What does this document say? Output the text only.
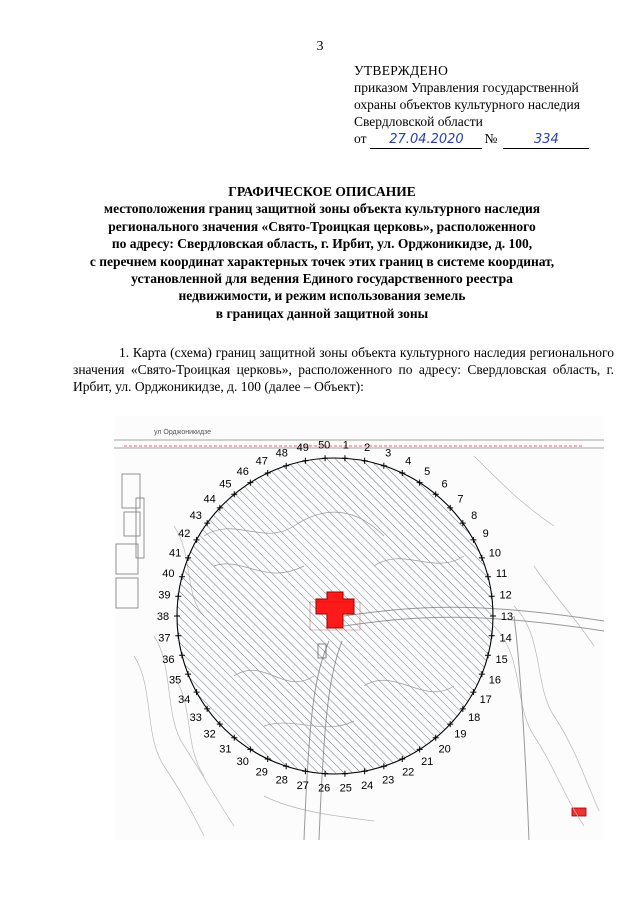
3
УТВЕРЖДЕНО
приказом Управления государственной
охраны объектов культурного наследия
Свердловской области
от	27.04.2020	№	334
ГРАФИЧЕСКОЕ ОПИСАНИЕ
местоположения границ защитной зоны объекта культурного наследия
регионального значения «Свято-Троицкая церковь», расположенного
по адресу: Свердловская область, г. Ирбит, ул. Орджоникидзе, д. 100,
с перечнем координат характерных точек этих границ в системе координат,
установленной для ведения Единого государственного реестра
недвижимости, и режим использования земель
в границах данной защитной зоны
1. Карта (схема) границ защитной зоны объекта культурного наследия регионального значения «Свято-Троицкая церковь», расположенного по адресу: Свердловская область, г. Ирбит, ул. Орджоникидзе, д. 100 (далее – Объект):
ул Орджоникидзе
1 2 3
4
5
6
7
8
9
10
11
12
13
14
15
16
17
18
19
20
21
22
23
24
25
26
27
28
29
30
31
32
33
34
35
36
37
38
39
40
41
42
43
44
45
46
47
48 49 50
